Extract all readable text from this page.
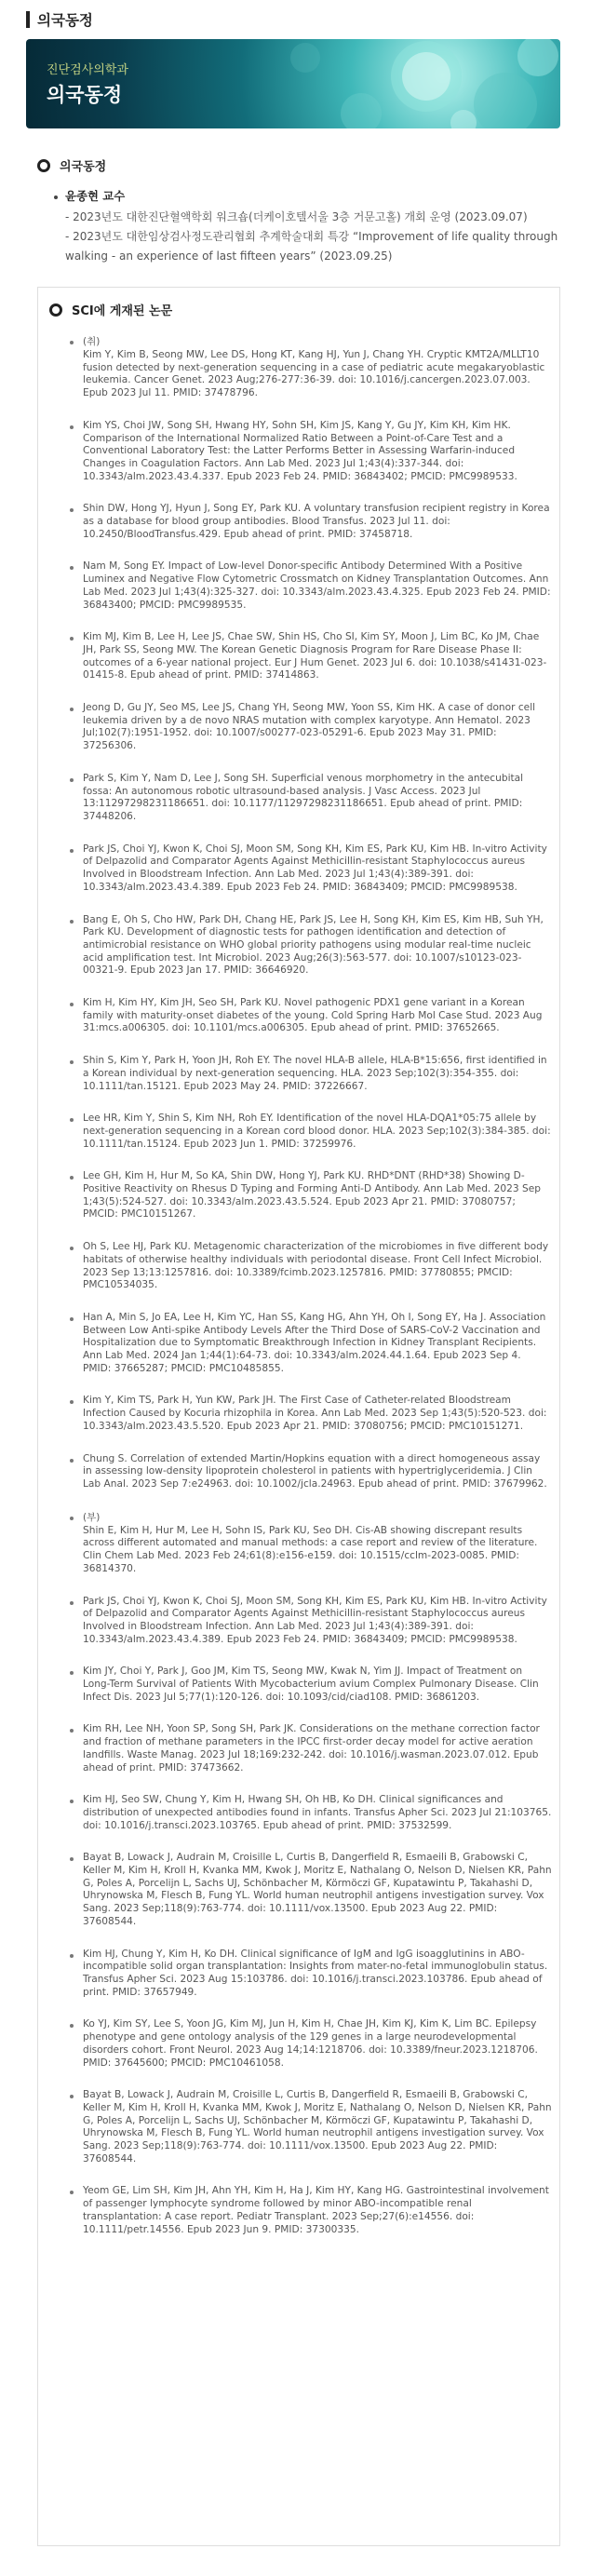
의국동정
진단검사의학과
의국동정
의국동정
윤종현 교수

- 2023년도 대한진단혈액학회 워크숍(더케이호텔서울 3층 거문고홀) 개회 운영 (2023.09.07)

- 2023년도 대한임상검사정도관리협회 추계학술대회 특강 “Improvement of life quality through walking - an experience of last fifteen years” (2023.09.25)

SCI에 게재된 논문
(취)
Kim Y, Kim B, Seong MW, Lee DS, Hong KT, Kang HJ, Yun J, Chang YH. Cryptic KMT2A/MLLT10 fusion detected by next-generation sequencing in a case of pediatric acute megakaryoblastic leukemia. Cancer Genet. 2023 Aug;276-277:36-39. doi: 10.1016/j.cancergen.2023.07.003. Epub 2023 Jul 11. PMID: 37478796.
Kim YS, Choi JW, Song SH, Hwang HY, Sohn SH, Kim JS, Kang Y, Gu JY, Kim KH, Kim HK. Comparison of the International Normalized Ratio Between a Point-of-Care Test and a Conventional Laboratory Test: the Latter Performs Better in Assessing Warfarin-induced Changes in Coagulation Factors. Ann Lab Med. 2023 Jul 1;43(4):337-344. doi: 10.3343/alm.2023.43.4.337. Epub 2023 Feb 24. PMID: 36843402; PMCID: PMC9989533.
Shin DW, Hong YJ, Hyun J, Song EY, Park KU. A voluntary transfusion recipient registry in Korea as a database for blood group antibodies. Blood Transfus. 2023 Jul 11. doi: 10.2450/BloodTransfus.429. Epub ahead of print. PMID: 37458718.
Nam M, Song EY. Impact of Low-level Donor-specific Antibody Determined With a Positive Luminex and Negative Flow Cytometric Crossmatch on Kidney Transplantation Outcomes. Ann Lab Med. 2023 Jul 1;43(4):325-327. doi: 10.3343/alm.2023.43.4.325. Epub 2023 Feb 24. PMID: 36843400; PMCID: PMC9989535.
Kim MJ, Kim B, Lee H, Lee JS, Chae SW, Shin HS, Cho SI, Kim SY, Moon J, Lim BC, Ko JM, Chae JH, Park SS, Seong MW. The Korean Genetic Diagnosis Program for Rare Disease Phase II: outcomes of a 6-year national project. Eur J Hum Genet. 2023 Jul 6. doi: 10.1038/s41431-023-01415-8. Epub ahead of print. PMID: 37414863.
Jeong D, Gu JY, Seo MS, Lee JS, Chang YH, Seong MW, Yoon SS, Kim HK. A case of donor cell leukemia driven by a de novo NRAS mutation with complex karyotype. Ann Hematol. 2023 Jul;102(7):1951-1952. doi: 10.1007/s00277-023-05291-6. Epub 2023 May 31. PMID: 37256306.
Park S, Kim Y, Nam D, Lee J, Song SH. Superficial venous morphometry in the antecubital fossa: An autonomous robotic ultrasound-based analysis. J Vasc Access. 2023 Jul 13:11297298231186651. doi: 10.1177/11297298231186651. Epub ahead of print. PMID: 37448206.
Park JS, Choi YJ, Kwon K, Choi SJ, Moon SM, Song KH, Kim ES, Park KU, Kim HB. In-vitro Activity of Delpazolid and Comparator Agents Against Methicillin-resistant Staphylococcus aureus Involved in Bloodstream Infection. Ann Lab Med. 2023 Jul 1;43(4):389-391. doi: 10.3343/alm.2023.43.4.389. Epub 2023 Feb 24. PMID: 36843409; PMCID: PMC9989538.
Bang E, Oh S, Cho HW, Park DH, Chang HE, Park JS, Lee H, Song KH, Kim ES, Kim HB, Suh YH, Park KU. Development of diagnostic tests for pathogen identification and detection of antimicrobial resistance on WHO global priority pathogens using modular real-time nucleic acid amplification test. Int Microbiol. 2023 Aug;26(3):563-577. doi: 10.1007/s10123-023-00321-9. Epub 2023 Jan 17. PMID: 36646920.
Kim H, Kim HY, Kim JH, Seo SH, Park KU. Novel pathogenic PDX1 gene variant in a Korean family with maturity-onset diabetes of the young. Cold Spring Harb Mol Case Stud. 2023 Aug 31:mcs.a006305. doi: 10.1101/mcs.a006305. Epub ahead of print. PMID: 37652665.
Shin S, Kim Y, Park H, Yoon JH, Roh EY. The novel HLA-B allele, HLA-B*15:656, first identified in a Korean individual by next-generation sequencing. HLA. 2023 Sep;102(3):354-355. doi: 10.1111/tan.15121. Epub 2023 May 24. PMID: 37226667.
Lee HR, Kim Y, Shin S, Kim NH, Roh EY. Identification of the novel HLA-DQA1*05:75 allele by next-generation sequencing in a Korean cord blood donor. HLA. 2023 Sep;102(3):384-385. doi: 10.1111/tan.15124. Epub 2023 Jun 1. PMID: 37259976.
Lee GH, Kim H, Hur M, So KA, Shin DW, Hong YJ, Park KU. RHD*DNT (RHD*38) Showing D-Positive Reactivity on Rhesus D Typing and Forming Anti-D Antibody. Ann Lab Med. 2023 Sep 1;43(5):524-527. doi: 10.3343/alm.2023.43.5.524. Epub 2023 Apr 21. PMID: 37080757; PMCID: PMC10151267.
Oh S, Lee HJ, Park KU. Metagenomic characterization of the microbiomes in five different body habitats of otherwise healthy individuals with periodontal disease. Front Cell Infect Microbiol. 2023 Sep 13;13:1257816. doi: 10.3389/fcimb.2023.1257816. PMID: 37780855; PMCID: PMC10534035.
Han A, Min S, Jo EA, Lee H, Kim YC, Han SS, Kang HG, Ahn YH, Oh I, Song EY, Ha J. Association Between Low Anti-spike Antibody Levels After the Third Dose of SARS-CoV-2 Vaccination and Hospitalization due to Symptomatic Breakthrough Infection in Kidney Transplant Recipients. Ann Lab Med. 2024 Jan 1;44(1):64-73. doi: 10.3343/alm.2024.44.1.64. Epub 2023 Sep 4. PMID: 37665287; PMCID: PMC10485855.
Kim Y, Kim TS, Park H, Yun KW, Park JH. The First Case of Catheter-related Bloodstream Infection Caused by Kocuria rhizophila in Korea. Ann Lab Med. 2023 Sep 1;43(5):520-523. doi: 10.3343/alm.2023.43.5.520. Epub 2023 Apr 21. PMID: 37080756; PMCID: PMC10151271.
Chung S. Correlation of extended Martin/Hopkins equation with a direct homogeneous assay in assessing low-density lipoprotein cholesterol in patients with hypertriglyceridemia. J Clin Lab Anal. 2023 Sep 7:e24963. doi: 10.1002/jcla.24963. Epub ahead of print. PMID: 37679962.
(부)
Shin E, Kim H, Hur M, Lee H, Sohn IS, Park KU, Seo DH. Cis-AB showing discrepant results across different automated and manual methods: a case report and review of the literature. Clin Chem Lab Med. 2023 Feb 24;61(8):e156-e159. doi: 10.1515/cclm-2023-0085. PMID: 36814370.
Park JS, Choi YJ, Kwon K, Choi SJ, Moon SM, Song KH, Kim ES, Park KU, Kim HB. In-vitro Activity of Delpazolid and Comparator Agents Against Methicillin-resistant Staphylococcus aureus Involved in Bloodstream Infection. Ann Lab Med. 2023 Jul 1;43(4):389-391. doi: 10.3343/alm.2023.43.4.389. Epub 2023 Feb 24. PMID: 36843409; PMCID: PMC9989538.
Kim JY, Choi Y, Park J, Goo JM, Kim TS, Seong MW, Kwak N, Yim JJ. Impact of Treatment on Long-Term Survival of Patients With Mycobacterium avium Complex Pulmonary Disease. Clin Infect Dis. 2023 Jul 5;77(1):120-126. doi: 10.1093/cid/ciad108. PMID: 36861203.
Kim RH, Lee NH, Yoon SP, Song SH, Park JK. Considerations on the methane correction factor and fraction of methane parameters in the IPCC first-order decay model for active aeration landfills. Waste Manag. 2023 Jul 18;169:232-242. doi: 10.1016/j.wasman.2023.07.012. Epub ahead of print. PMID: 37473662.
Kim HJ, Seo SW, Chung Y, Kim H, Hwang SH, Oh HB, Ko DH. Clinical significances and distribution of unexpected antibodies found in infants. Transfus Apher Sci. 2023 Jul 21:103765. doi: 10.1016/j.transci.2023.103765. Epub ahead of print. PMID: 37532599.
Bayat B, Lowack J, Audrain M, Croisille L, Curtis B, Dangerfield R, Esmaeili B, Grabowski C, Keller M, Kim H, Kroll H, Kvanka MM, Kwok J, Moritz E, Nathalang O, Nelson D, Nielsen KR, Pahn G, Poles A, Porcelijn L, Sachs UJ, Schönbacher M, Körmöczi GF, Kupatawintu P, Takahashi D, Uhrynowska M, Flesch B, Fung YL. World human neutrophil antigens investigation survey. Vox Sang. 2023 Sep;118(9):763-774. doi: 10.1111/vox.13500. Epub 2023 Aug 22. PMID: 37608544.
Kim HJ, Chung Y, Kim H, Ko DH. Clinical significance of IgM and IgG isoagglutinins in ABO-incompatible solid organ transplantation: Insights from mater-no-fetal immunoglobulin status. Transfus Apher Sci. 2023 Aug 15:103786. doi: 10.1016/j.transci.2023.103786. Epub ahead of print. PMID: 37657949.
Ko YJ, Kim SY, Lee S, Yoon JG, Kim MJ, Jun H, Kim H, Chae JH, Kim KJ, Kim K, Lim BC. Epilepsy phenotype and gene ontology analysis of the 129 genes in a large neurodevelopmental disorders cohort. Front Neurol. 2023 Aug 14;14:1218706. doi: 10.3389/fneur.2023.1218706. PMID: 37645600; PMCID: PMC10461058.
Bayat B, Lowack J, Audrain M, Croisille L, Curtis B, Dangerfield R, Esmaeili B, Grabowski C, Keller M, Kim H, Kroll H, Kvanka MM, Kwok J, Moritz E, Nathalang O, Nelson D, Nielsen KR, Pahn G, Poles A, Porcelijn L, Sachs UJ, Schönbacher M, Körmöczi GF, Kupatawintu P, Takahashi D, Uhrynowska M, Flesch B, Fung YL. World human neutrophil antigens investigation survey. Vox Sang. 2023 Sep;118(9):763-774. doi: 10.1111/vox.13500. Epub 2023 Aug 22. PMID: 37608544.
Yeom GE, Lim SH, Kim JH, Ahn YH, Kim H, Ha J, Kim HY, Kang HG. Gastrointestinal involvement of passenger lymphocyte syndrome followed by minor ABO-incompatible renal transplantation: A case report. Pediatr Transplant. 2023 Sep;27(6):e14556. doi: 10.1111/petr.14556. Epub 2023 Jun 9. PMID: 37300335.
